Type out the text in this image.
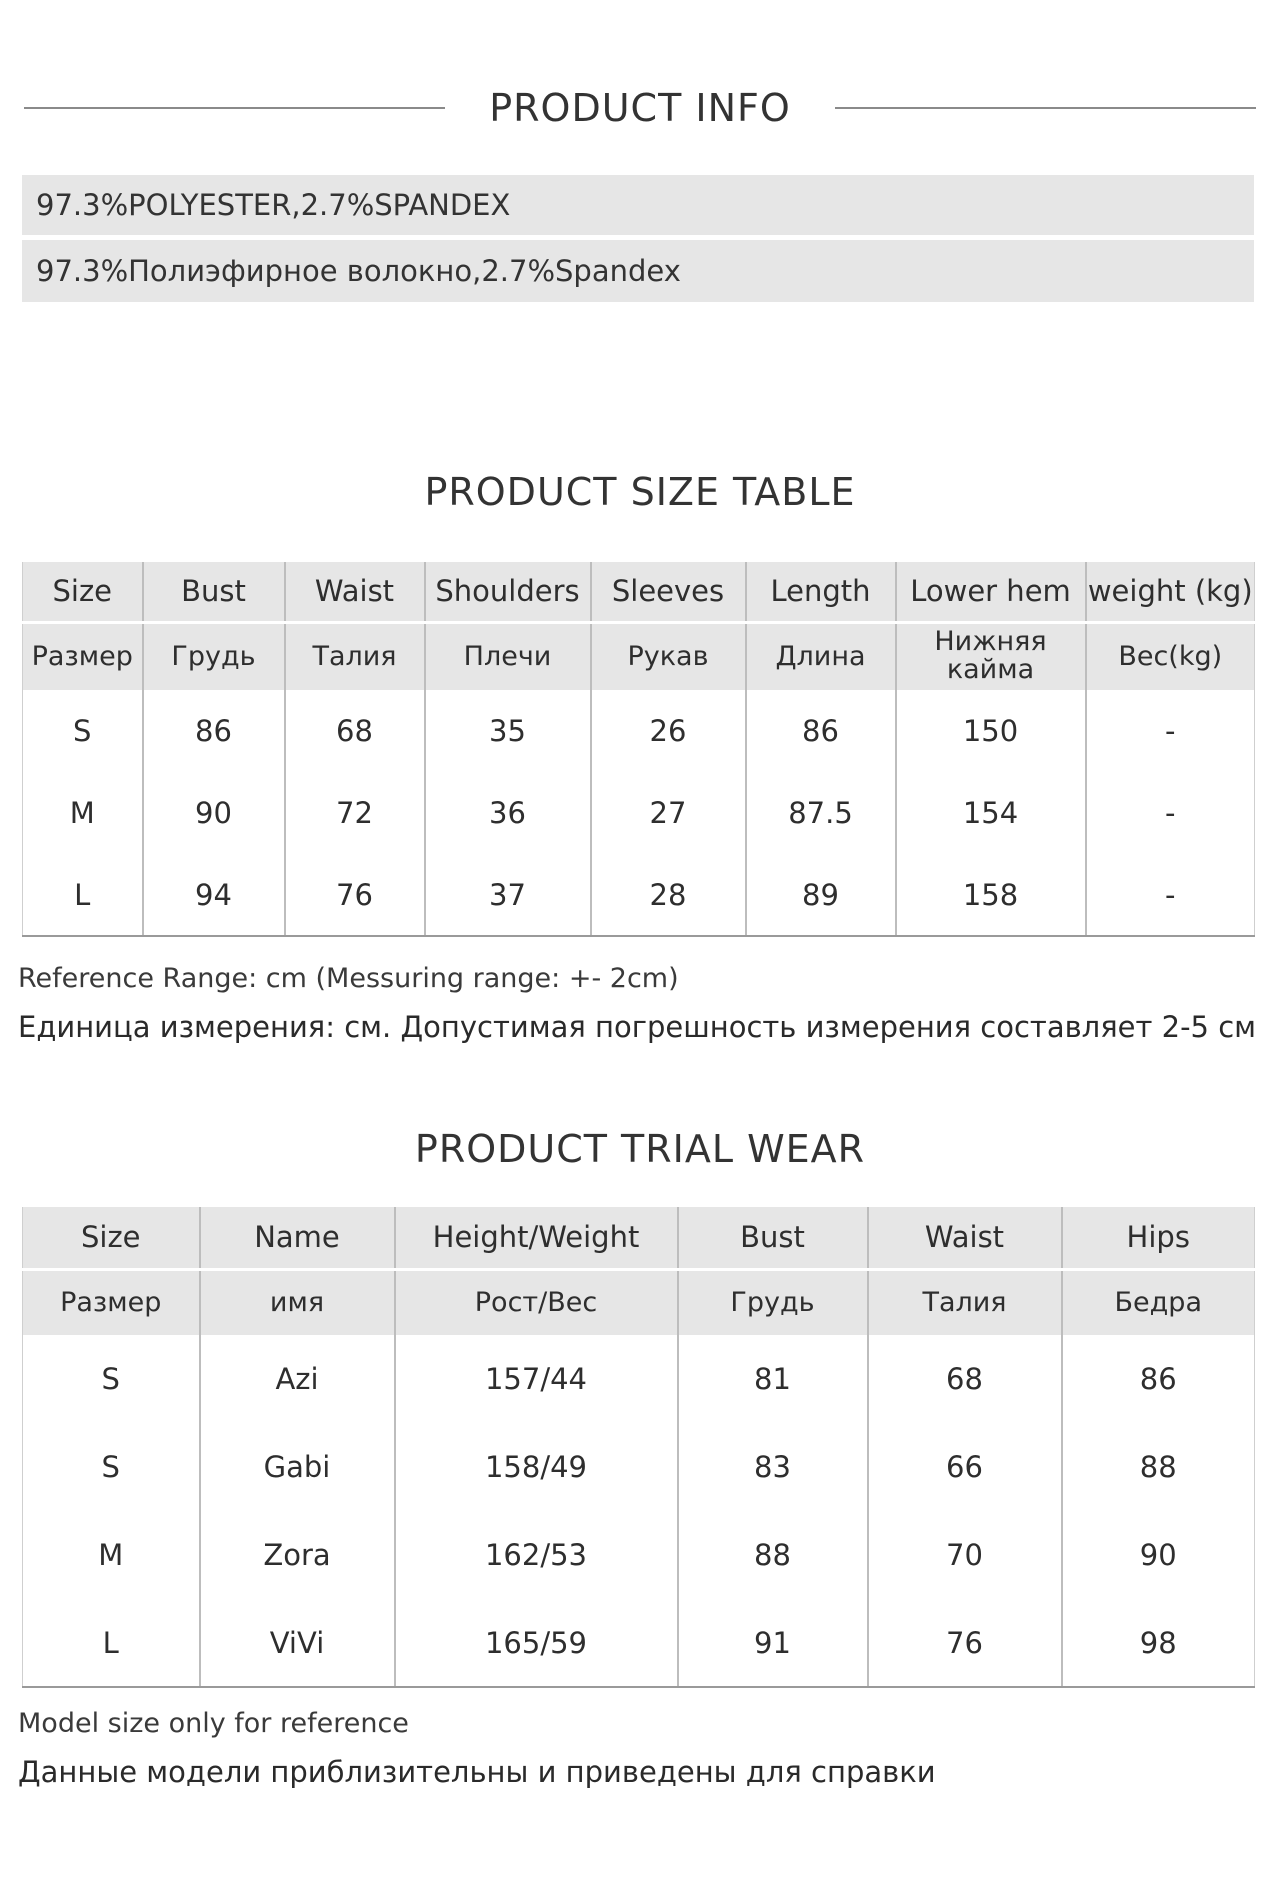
PRODUCT INFO
97.3%POLYESTER,2.7%SPANDEX
97.3%Полиэфирное волокно,2.7%Spandex
PRODUCT SIZE TABLE
Size	Bust	Waist	Shoulders	Sleeves	Length	Lower hem	weight (kg)
Размер	Грудь	Талия	Плечи	Рукав	Длина	Нижняя кайма	Вес(kg)
S	86	68	35	26	86	150	-
M	90	72	36	27	87.5	154	-
L	94	76	37	28	89	158	-
Reference Range: cm (Messuring range: +- 2cm)
Единица измерения: см. Допустимая погрешность измерения составляет 2-5 см
PRODUCT TRIAL WEAR
Size	Name	Height/Weight	Bust	Waist	Hips
Размер	имя	Рост/Вес	Грудь	Талия	Бедра
S	Azi	157/44	81	68	86
S	Gabi	158/49	83	66	88
M	Zora	162/53	88	70	90
L	ViVi	165/59	91	76	98
Model size only for reference
Данные модели приблизительны и приведены для справки
